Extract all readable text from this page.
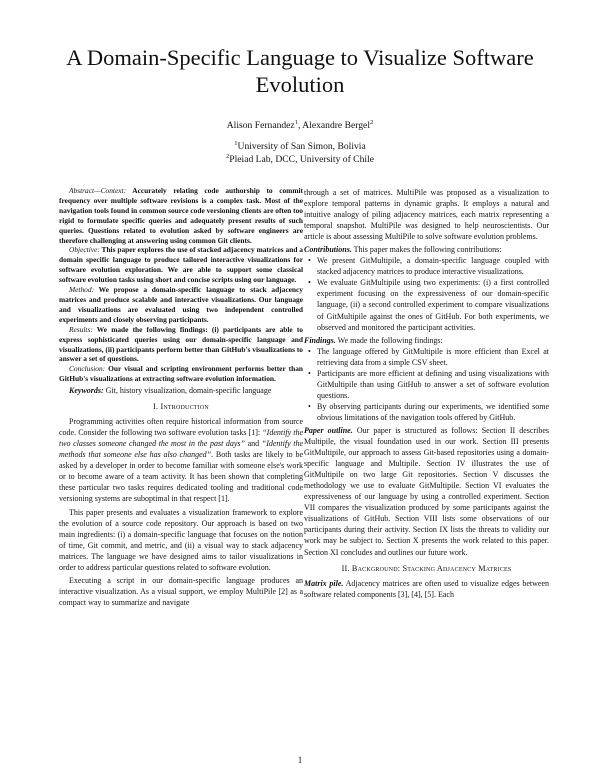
A Domain-Specific Language to Visualize Software Evolution
Alison Fernandez$^1$, Alexandre Bergel$^2$
$^1$University of San Simon, Bolivia
$^2$Pleiad Lab, DCC, University of Chile
Abstract—Context: Accurately relating code authorship to commit frequency over multiple software revisions is a complex task. Most of the navigation tools found in common source code versioning clients are often too rigid to formulate specific queries and adequately present results of such queries. Questions related to evolution asked by software engineers are therefore challenging at answering using common Git clients.
Objective: This paper explores the use of stacked adjacency matrices and a domain specific language to produce tailored interactive visualizations for software evolution exploration. We are able to support some classical software evolution tasks using short and concise scripts using our language.
Method: We propose a domain-specific language to stack adjacency matrices and produce scalable and interactive visualizations. Our language and visualizations are evaluated using two independent controlled experiments and closely observing participants.
Results: We made the following findings: (i) participants are able to express sophisticated queries using our domain-specific language and visualizations, (ii) participants perform better than GitHub's visualizations to answer a set of questions.
Conclusion: Our visual and scripting environment performs better than GitHub's visualizations at extracting software evolution information.
Keywords: Git, history visualization, domain-specific language
I. Introduction
Programming activities often require historical information from source code. Consider the following two software evolution tasks [1]: “Identify the two classes someone changed the most in the past days” and “Identify the methods that someone else has also changed”. Both tasks are likely to be asked by a developer in order to become familiar with someone else's work or to become aware of a team activity. It has been shown that completing these particular two tasks requires dedicated tooling and traditional code versioning systems are suboptimal in that respect [1].
This paper presents and evaluates a visualization framework to explore the evolution of a source code repository. Our approach is based on two main ingredients: (i) a domain-specific language that focuses on the notion of time, Git commit, and metric, and (ii) a visual way to stack adjacency matrices. The language we have designed aims to tailor visualizations in order to address particular questions related to software evolution.
Executing a script in our domain-specific language produces an interactive visualization. As a visual support, we employ MultiPile [2] as a compact way to summarize and navigate
through a set of matrices. MultiPile was proposed as a visualization to explore temporal patterns in dynamic graphs. It employs a natural and intuitive analogy of piling adjacency matrices, each matrix representing a temporal snapshot. MultiPile was designed to help neuroscientists. Our article is about assessing MultiPile to solve software evolution problems.
Contributions. This paper makes the following contributions:
• We present GitMultipile, a domain-specific language coupled with stacked adjacency matrices to produce interactive visualizations.
• We evaluate GitMultipile using two experiments: (i) a first controlled experiment focusing on the expressiveness of our domain-specific language, (ii) a second controlled experiment to compare visualizations of GitMultipile against the ones of GitHub. For both experiments, we observed and monitored the participant activities.
Findings. We made the following findings:
• The language offered by GitMultipile is more efficient than Excel at retrieving data from a simple CSV sheet.
• Participants are more efficient at defining and using visualizations with GitMultipile than using GitHub to answer a set of software evolution questions.
• By observing participants during our experiments, we identified some obvious limitations of the navigation tools offered by GitHub.
Paper outline. Our paper is structured as follows: Section II describes Multipile, the visual foundation used in our work. Section III presents GitMultipile, our approach to assess Git-based repositories using a domain-specific language and Multipile. Section IV illustrates the use of GitMultipile on two large Git repositories. Section V discusses the methodology we use to evaluate GitMultipile. Section VI evaluates the expressiveness of our language by using a controlled experiment. Section VII compares the visualization produced by some participants against the visualizations of GitHub. Section VIII lists some observations of our participants during their activity. Section IX lists the threats to validity our work may be subject to. Section X presents the work related to this paper. Section XI concludes and outlines our future work.
II. Background: Stacking Adjacency Matrices
Matrix pile. Adjacency matrices are often used to visualize edges between software related components [3], [4], [5]. Each
1
